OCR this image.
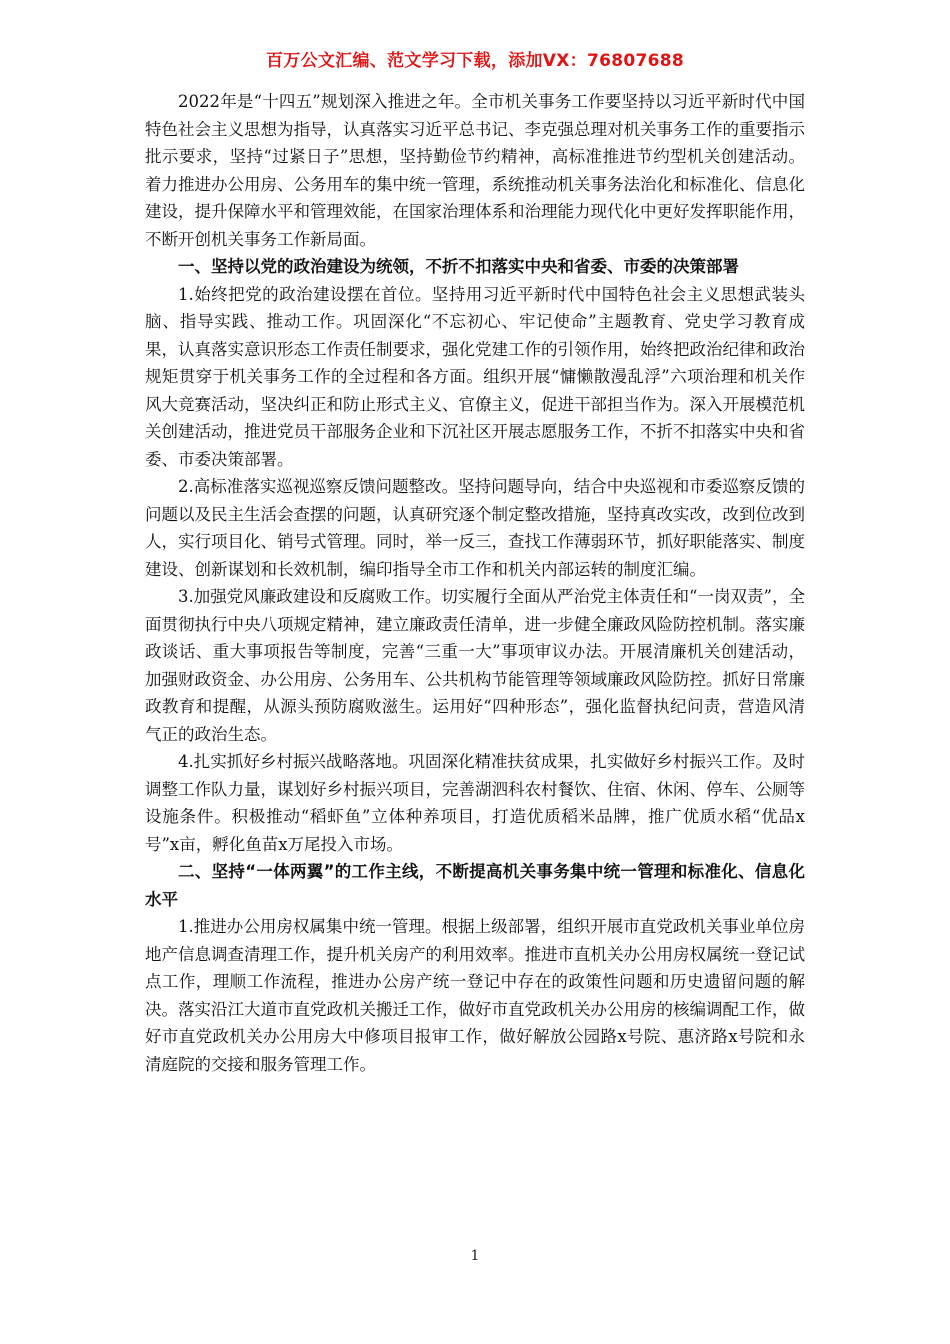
百万公文汇编、范文学习下载，添加VX：76807688

2022年是“十四五”规划深入推进之年。全市机关事务工作要坚持以习近平新时代中国特色社会主义思想为指导，认真落实习近平总书记、李克强总理对机关事务工作的重要指示批示要求，坚持“过紧日子”思想，坚持勤俭节约精神，高标准推进节约型机关创建活动。着力推进办公用房、公务用车的集中统一管理，系统推动机关事务法治化和标准化、信息化建设，提升保障水平和管理效能，在国家治理体系和治理能力现代化中更好发挥职能作用，不断开创机关事务工作新局面。

一、坚持以党的政治建设为统领，不折不扣落实中央和省委、市委的决策部署

1.始终把党的政治建设摆在首位。坚持用习近平新时代中国特色社会主义思想武装头脑、指导实践、推动工作。巩固深化“不忘初心、牢记使命”主题教育、党史学习教育成果，认真落实意识形态工作责任制要求，强化党建工作的引领作用，始终把政治纪律和政治规矩贯穿于机关事务工作的全过程和各方面。组织开展“慵懒散漫乱浮”六项治理和机关作风大竞赛活动，坚决纠正和防止形式主义、官僚主义，促进干部担当作为。深入开展模范机关创建活动，推进党员干部服务企业和下沉社区开展志愿服务工作，不折不扣落实中央和省委、市委决策部署。

2.高标准落实巡视巡察反馈问题整改。坚持问题导向，结合中央巡视和市委巡察反馈的问题以及民主生活会查摆的问题，认真研究逐个制定整改措施，坚持真改实改，改到位改到人，实行项目化、销号式管理。同时，举一反三，查找工作薄弱环节，抓好职能落实、制度建设、创新谋划和长效机制，编印指导全市工作和机关内部运转的制度汇编。

3.加强党风廉政建设和反腐败工作。切实履行全面从严治党主体责任和“一岗双责”，全面贯彻执行中央八项规定精神，建立廉政责任清单，进一步健全廉政风险防控机制。落实廉政谈话、重大事项报告等制度，完善“三重一大”事项审议办法。开展清廉机关创建活动，加强财政资金、办公用房、公务用车、公共机构节能管理等领域廉政风险防控。抓好日常廉政教育和提醒，从源头预防腐败滋生。运用好“四种形态”，强化监督执纪问责，营造风清气正的政治生态。

4.扎实抓好乡村振兴战略落地。巩固深化精准扶贫成果，扎实做好乡村振兴工作。及时调整工作队力量，谋划好乡村振兴项目，完善湖泗科农村餐饮、住宿、休闲、停车、公厕等设施条件。积极推动“稻虾鱼”立体种养项目，打造优质稻米品牌，推广优质水稻“优品x号”x亩，孵化鱼苗x万尾投入市场。

二、坚持“一体两翼”的工作主线，不断提高机关事务集中统一管理和标准化、信息化水平

1.推进办公用房权属集中统一管理。根据上级部署，组织开展市直党政机关事业单位房地产信息调查清理工作，提升机关房产的利用效率。推进市直机关办公用房权属统一登记试点工作，理顺工作流程，推进办公房产统一登记中存在的政策性问题和历史遗留问题的解决。落实沿江大道市直党政机关搬迁工作，做好市直党政机关办公用房的核编调配工作，做好市直党政机关办公用房大中修项目报审工作，做好解放公园路x号院、惠济路x号院和永清庭院的交接和服务管理工作。

1
